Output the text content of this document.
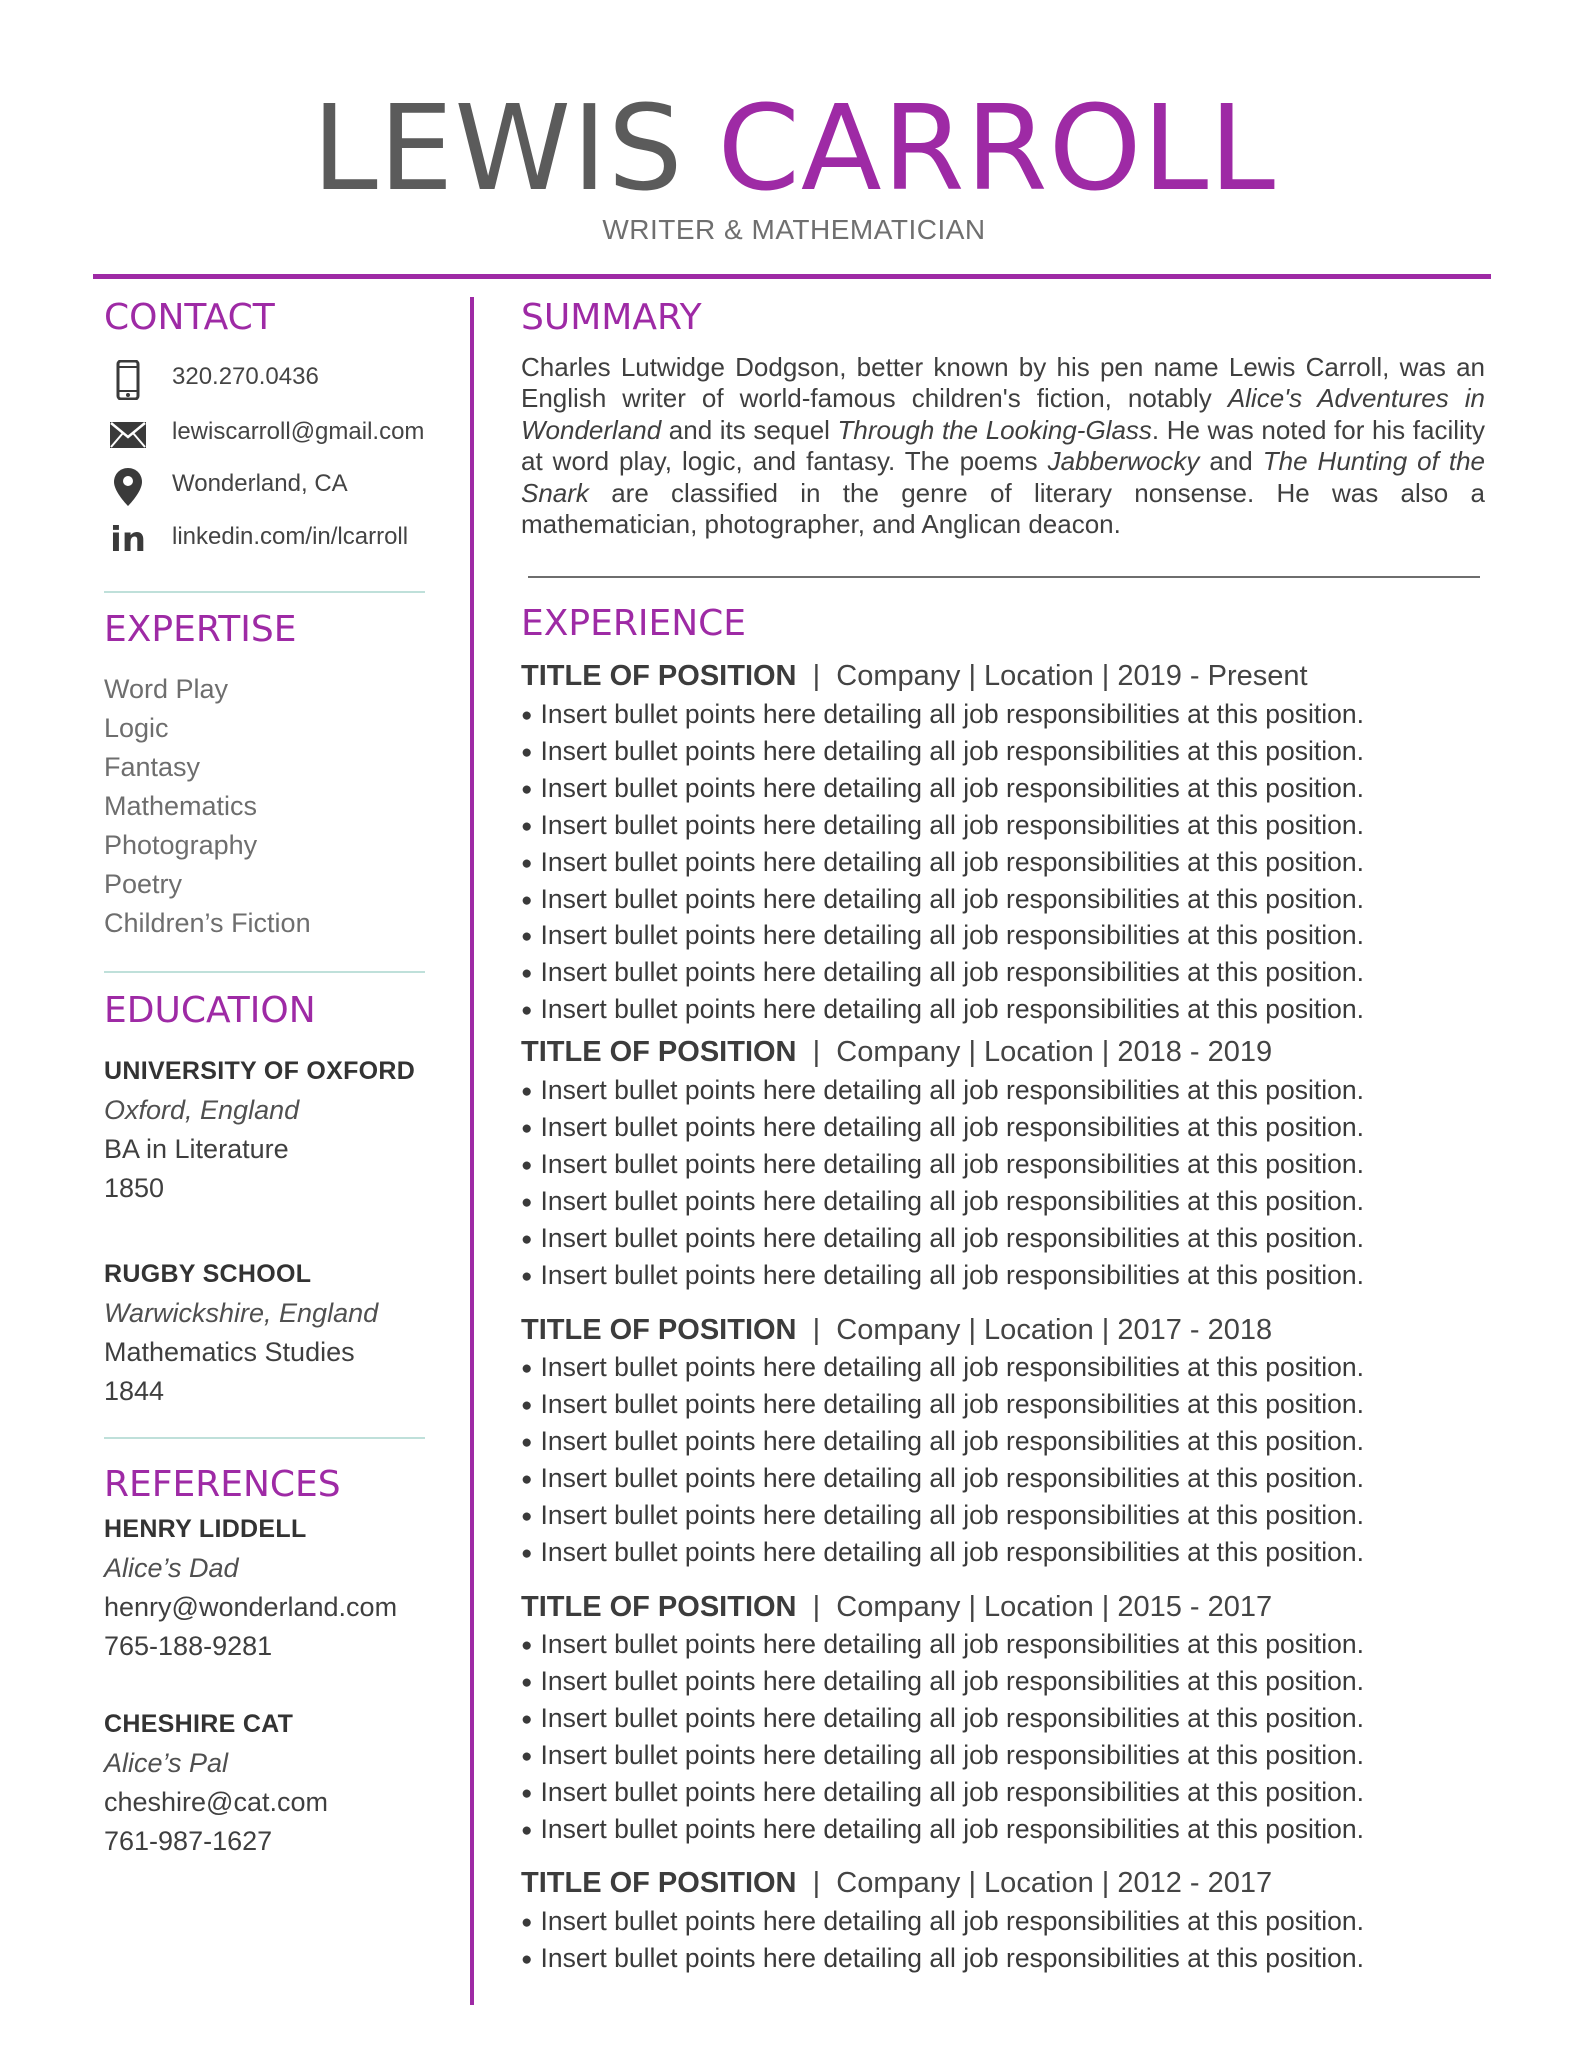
LEWIS CARROLL
WRITER & MATHEMATICIAN
CONTACT
320.270.0436
lewiscarroll@gmail.com
Wonderland, CA
in linkedin.com/in/lcarroll
EXPERTISE
Word Play
Logic
Fantasy
Mathematics
Photography
Poetry
Children’s Fiction
EDUCATION
UNIVERSITY OF OXFORD
Oxford, England
BA in Literature
1850
RUGBY SCHOOL
Warwickshire, England
Mathematics Studies
1844
REFERENCES
HENRY LIDDELL
Alice’s Dad
henry@wonderland.com
765-188-9281
CHESHIRE CAT
Alice’s Pal
cheshire@cat.com
761-987-1627
SUMMARY
Charles Lutwidge Dodgson, better known by his pen name Lewis Carroll, was an English writer of world-famous children's fiction, notably Alice's Adventures in Wonderland and its sequel Through the Looking-Glass. He was noted for his facility at word play, logic, and fantasy. The poems Jabberwocky and The Hunting of the Snark are classified in the genre of literary nonsense. He was also a mathematician, photographer, and Anglican deacon.
EXPERIENCE
TITLE OF POSITION | Company | Location | 2019 - Present
● Insert bullet points here detailing all job responsibilities at this position.
● Insert bullet points here detailing all job responsibilities at this position.
● Insert bullet points here detailing all job responsibilities at this position.
● Insert bullet points here detailing all job responsibilities at this position.
● Insert bullet points here detailing all job responsibilities at this position.
● Insert bullet points here detailing all job responsibilities at this position.
● Insert bullet points here detailing all job responsibilities at this position.
● Insert bullet points here detailing all job responsibilities at this position.
● Insert bullet points here detailing all job responsibilities at this position.
TITLE OF POSITION | Company | Location | 2018 - 2019
● Insert bullet points here detailing all job responsibilities at this position.
● Insert bullet points here detailing all job responsibilities at this position.
● Insert bullet points here detailing all job responsibilities at this position.
● Insert bullet points here detailing all job responsibilities at this position.
● Insert bullet points here detailing all job responsibilities at this position.
● Insert bullet points here detailing all job responsibilities at this position.
TITLE OF POSITION | Company | Location | 2017 - 2018
● Insert bullet points here detailing all job responsibilities at this position.
● Insert bullet points here detailing all job responsibilities at this position.
● Insert bullet points here detailing all job responsibilities at this position.
● Insert bullet points here detailing all job responsibilities at this position.
● Insert bullet points here detailing all job responsibilities at this position.
● Insert bullet points here detailing all job responsibilities at this position.
TITLE OF POSITION | Company | Location | 2015 - 2017
● Insert bullet points here detailing all job responsibilities at this position.
● Insert bullet points here detailing all job responsibilities at this position.
● Insert bullet points here detailing all job responsibilities at this position.
● Insert bullet points here detailing all job responsibilities at this position.
● Insert bullet points here detailing all job responsibilities at this position.
● Insert bullet points here detailing all job responsibilities at this position.
TITLE OF POSITION | Company | Location | 2012 - 2017
● Insert bullet points here detailing all job responsibilities at this position.
● Insert bullet points here detailing all job responsibilities at this position.
